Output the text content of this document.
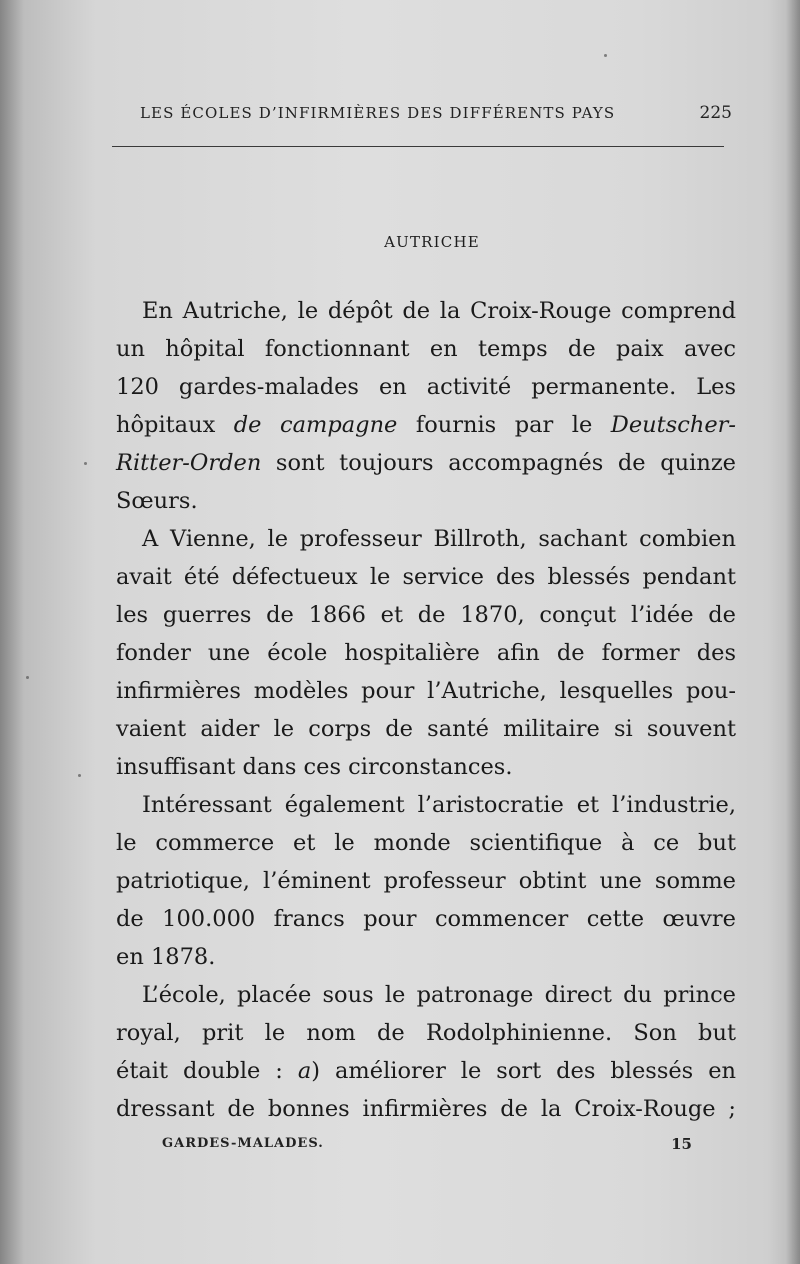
LES ÉCOLES D’INFIRMIÈRES DES DIFFÉRENTS PAYS	225
AUTRICHE
En Autriche, le dépôt de la Croix-Rouge comprend
un hôpital fonctionnant en temps de paix avec
120 gardes-malades en activité permanente. Les
hôpitaux de campagne fournis par le Deutscher-
Ritter-Orden sont toujours accompagnés de quinze
Sœurs.
A Vienne, le professeur Billroth, sachant combien
avait été défectueux le service des blessés pendant
les guerres de 1866 et de 1870, conçut l’idée de
fonder une école hospitalière afin de former des
infirmières modèles pour l’Autriche, lesquelles pou-
vaient aider le corps de santé militaire si souvent
insuffisant dans ces circonstances.
Intéressant également l’aristocratie et l’industrie,
le commerce et le monde scientifique à ce but
patriotique, l’éminent professeur obtint une somme
de 100.000 francs pour commencer cette œuvre
en 1878.
L’école, placée sous le patronage direct du prince
royal, prit le nom de Rodolphinienne. Son but
était double : a) améliorer le sort des blessés en
dressant de bonnes infirmières de la Croix-Rouge ;
GARDES-MALADES.	15
